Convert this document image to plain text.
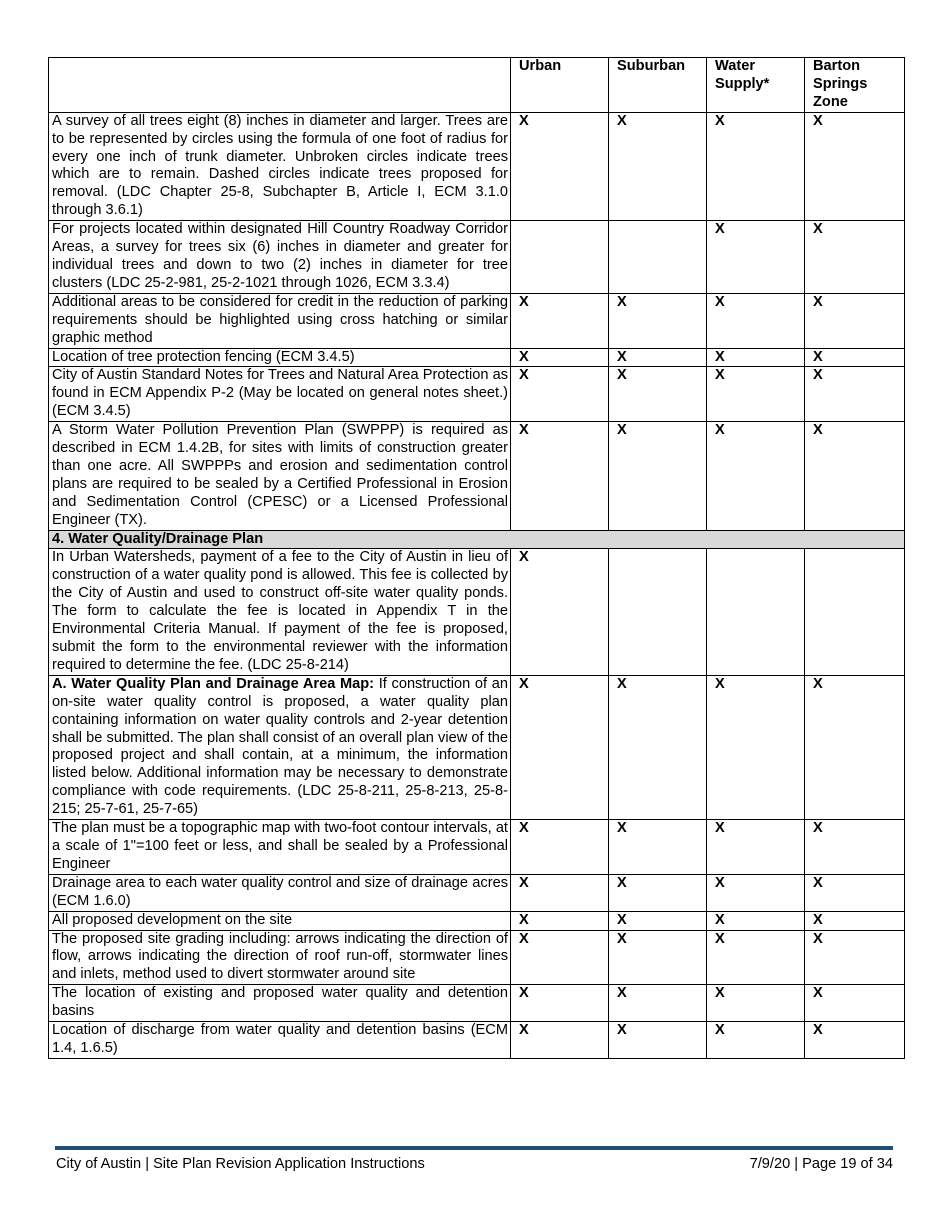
	Urban	Suburban	Water Supply*	Barton Springs Zone
A survey of all trees eight (8) inches in diameter and larger. Trees are to be represented by circles using the formula of one foot of radius for every one inch of trunk diameter. Unbroken circles indicate trees which are to remain. Dashed circles indicate trees proposed for removal. (LDC Chapter 25-8, Subchapter B, Article I, ECM 3.1.0 through 3.6.1)	X	X	X	X
For projects located within designated Hill Country Roadway Corridor Areas, a survey for trees six (6) inches in diameter and greater for individual trees and down to two (2) inches in diameter for tree clusters (LDC 25-2-981, 25-2-1021 through 1026, ECM 3.3.4)			X	X
Additional areas to be considered for credit in the reduction of parking requirements should be highlighted using cross hatching or similar graphic method	X	X	X	X
Location of tree protection fencing (ECM 3.4.5)	X	X	X	X
City of Austin Standard Notes for Trees and Natural Area Protection as found in ECM Appendix P-2 (May be located on general notes sheet.) (ECM 3.4.5)	X	X	X	X
A Storm Water Pollution Prevention Plan (SWPPP) is required as described in ECM 1.4.2B, for sites with limits of construction greater than one acre. All SWPPPs and erosion and sedimentation control plans are required to be sealed by a Certified Professional in Erosion and Sedimentation Control (CPESC) or a Licensed Professional Engineer (TX).	X	X	X	X
4. Water Quality/Drainage Plan				
In Urban Watersheds, payment of a fee to the City of Austin in lieu of construction of a water quality pond is allowed. This fee is collected by the City of Austin and used to construct off-site water quality ponds. The form to calculate the fee is located in Appendix T in the Environmental Criteria Manual. If payment of the fee is proposed, submit the form to the environmental reviewer with the information required to determine the fee. (LDC 25-8-214)	X			
A. Water Quality Plan and Drainage Area Map: If construction of an on-site water quality control is proposed, a water quality plan containing information on water quality controls and 2-year detention shall be submitted. The plan shall consist of an overall plan view of the proposed project and shall contain, at a minimum, the information listed below. Additional information may be necessary to demonstrate compliance with code requirements. (LDC 25-8-211, 25-8-213, 25-8-215; 25-7-61, 25-7-65)	X	X	X	X
The plan must be a topographic map with two-foot contour intervals, at a scale of 1"=100 feet or less, and shall be sealed by a Professional Engineer	X	X	X	X
Drainage area to each water quality control and size of drainage acres (ECM 1.6.0)	X	X	X	X
All proposed development on the site	X	X	X	X
The proposed site grading including: arrows indicating the direction of flow, arrows indicating the direction of roof run-off, stormwater lines and inlets, method used to divert stormwater around site	X	X	X	X
The location of existing and proposed water quality and detention basins	X	X	X	X
Location of discharge from water quality and detention basins (ECM 1.4, 1.6.5)	X	X	X	X
City of Austin | Site Plan Revision Application Instructions	7/9/20 | Page 19 of 34
